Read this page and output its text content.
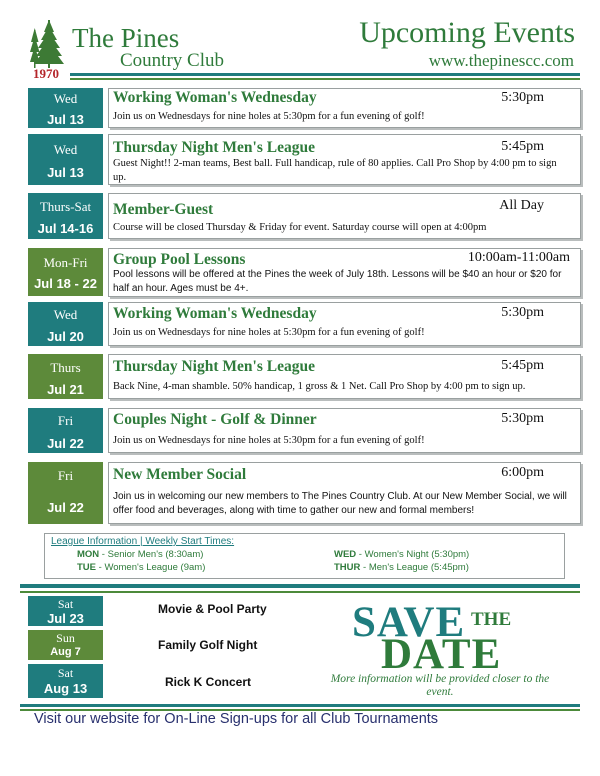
The Pines
Country Club
1970
Upcoming Events
www.thepinescc.com
Wed
Jul 13
Working Woman's Wednesday	5:30pm
Join us on Wednesdays for nine holes at 5:30pm for a fun evening of golf!
Wed
Jul 13
Thursday Night Men's League	5:45pm
Guest Night!! 2-man teams, Best ball. Full handicap, rule of 80 applies. Call Pro Shop by 4:00 pm to sign up.
Thurs-Sat
Jul 14-16
Member-Guest	All Day
Course will be closed Thursday & Friday for event. Saturday course will open at 4:00pm
Mon-Fri
Jul 18 - 22
Group Pool Lessons	10:00am-11:00am
Pool lessons will be offered at the Pines the week of July 18th. Lessons will be $40 an hour or $20 for half an hour. Ages must be 4+.
Wed
Jul 20
Working Woman's Wednesday	5:30pm
Join us on Wednesdays for nine holes at 5:30pm for a fun evening of golf!
Thurs
Jul 21
Thursday Night Men's League	5:45pm
Back Nine, 4-man shamble. 50% handicap, 1 gross & 1 Net. Call Pro Shop by 4:00 pm to sign up.
Fri
Jul 22
Couples Night - Golf & Dinner	5:30pm
Join us on Wednesdays for nine holes at 5:30pm for a fun evening of golf!
Fri
Jul 22
New Member Social	6:00pm
Join us in welcoming our new members to The Pines Country Club. At our New Member Social, we will offer food and beverages, along with time to gather our new and formal members!
League Information | Weekly Start Times:
MON - Senior Men's (8:30am)
TUE - Women's League (9am)
WED - Women's Night (5:30pm)
THUR - Men's League (5:45pm)
Sat
Jul 23
Movie & Pool Party
Sun
Aug 7	Family Golf Night
Sat
Aug 13	Rick K Concert
SAVE THE
DATE
More information will be provided closer to the event.
Visit our website for On-Line Sign-ups for all Club Tournaments
